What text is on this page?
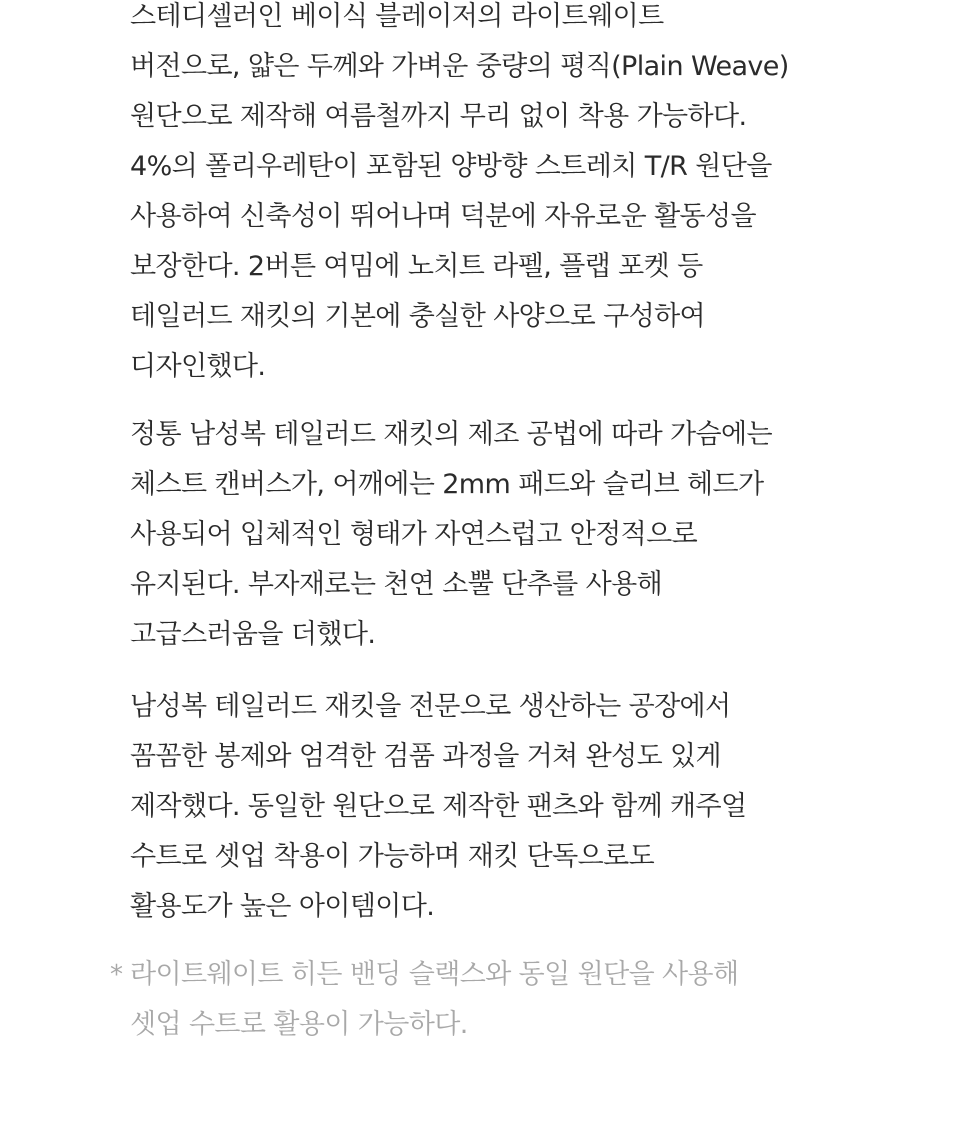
스테디셀러인 베이식 블레이저의 라이트웨이트
버전으로, 얇은 두께와 가벼운 중량의 평직(Plain Weave)
원단으로 제작해 여름철까지 무리 없이 착용 가능하다.
4%의 폴리우레탄이 포함된 양방향 스트레치 T/R 원단을
사용하여 신축성이 뛰어나며 덕분에 자유로운 활동성을
보장한다. 2버튼 여밈에 노치트 라펠, 플랩 포켓 등
테일러드 재킷의 기본에 충실한 사양으로 구성하여
디자인했다.
정통 남성복 테일러드 재킷의 제조 공법에 따라 가슴에는
체스트 캔버스가, 어깨에는 2mm 패드와 슬리브 헤드가
사용되어 입체적인 형태가 자연스럽고 안정적으로
유지된다. 부자재로는 천연 소뿔 단추를 사용해
고급스러움을 더했다.
남성복 테일러드 재킷을 전문으로 생산하는 공장에서
꼼꼼한 봉제와 엄격한 검품 과정을 거쳐 완성도 있게
제작했다. 동일한 원단으로 제작한 팬츠와 함께 캐주얼
수트로 셋업 착용이 가능하며 재킷 단독으로도
활용도가 높은 아이템이다.
* 라이트웨이트 히든 밴딩 슬랙스와 동일 원단을 사용해
셋업 수트로 활용이 가능하다.
